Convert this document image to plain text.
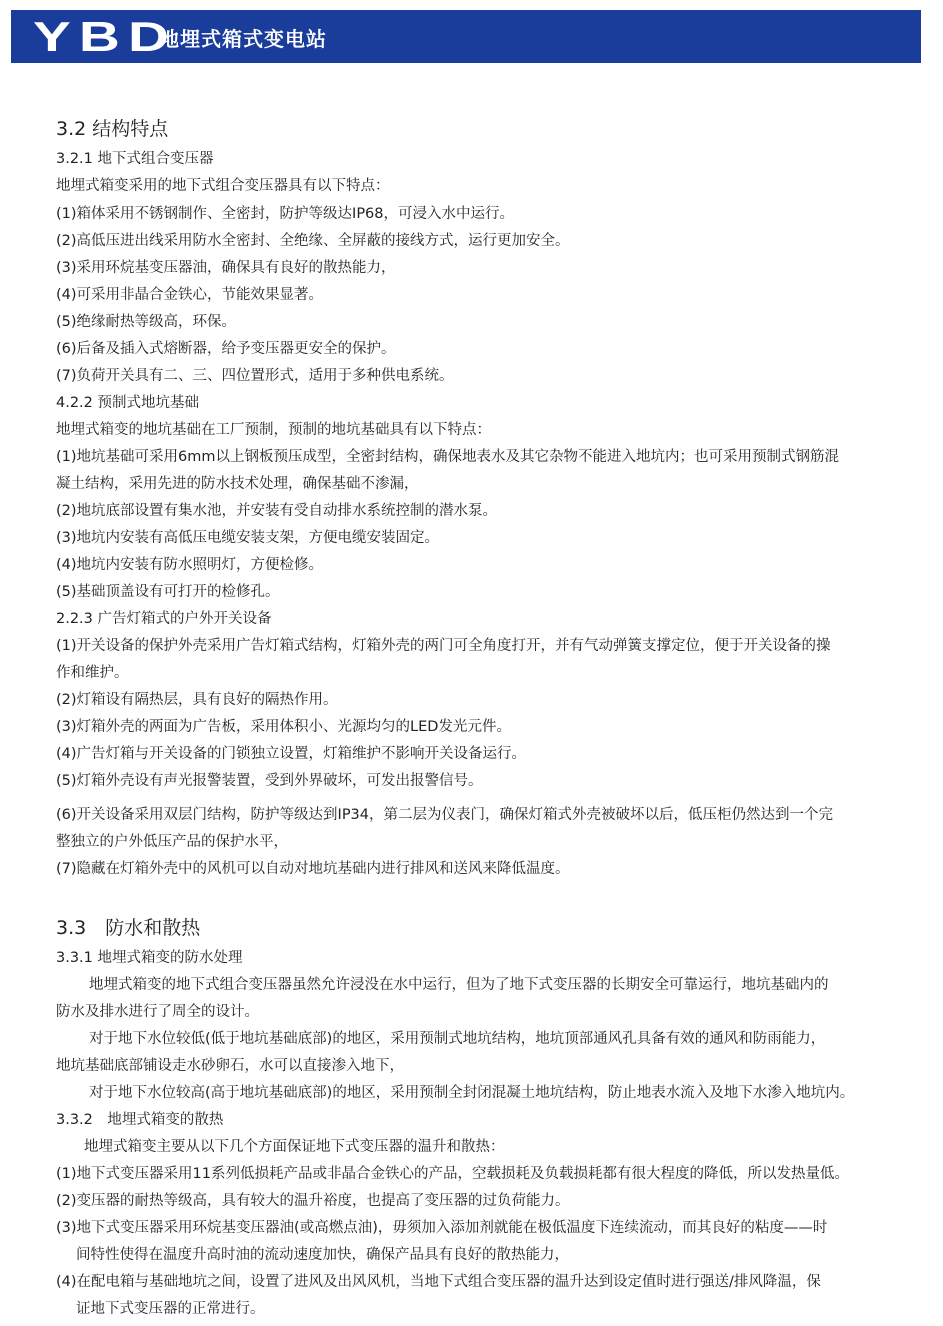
YBD
地埋式箱式变电站
3.2 结构特点
3.2.1 地下式组合变压器
地埋式箱变采用的地下式组合变压器具有以下特点：
(1)箱体采用不锈钢制作、全密封，防护等级达IP68，可浸入水中运行。
(2)高低压进出线采用防水全密封、全绝缘、全屏蔽的接线方式，运行更加安全。
(3)采用环烷基变压器油，确保具有良好的散热能力，
(4)可采用非晶合金铁心，节能效果显著。
(5)绝缘耐热等级高，环保。
(6)后备及插入式熔断器，给予变压器更安全的保护。
(7)负荷开关具有二、三、四位置形式，适用于多种供电系统。
4.2.2 预制式地坑基础
地埋式箱变的地坑基础在工厂预制，预制的地坑基础具有以下特点：
(1)地坑基础可采用6mm以上钢板预压成型，全密封结构，确保地表水及其它杂物不能进入地坑内；也可采用预制式钢筋混
凝土结构，采用先进的防水技术处理，确保基础不渗漏，
(2)地坑底部设置有集水池，并安装有受自动排水系统控制的潜水泵。
(3)地坑内安装有高低压电缆安装支架，方便电缆安装固定。
(4)地坑内安装有防水照明灯，方便检修。
(5)基础顶盖设有可打开的检修孔。
2.2.3 广告灯箱式的户外开关设备
(1)开关设备的保护外壳采用广告灯箱式结构，灯箱外壳的两门可全角度打开，并有气动弹簧支撑定位，便于开关设备的操
作和维护。
(2)灯箱设有隔热层，具有良好的隔热作用。
(3)灯箱外壳的两面为广告板，采用体积小、光源均匀的LED发光元件。
(4)广告灯箱与开关设备的门锁独立设置，灯箱维护不影响开关设备运行。
(5)灯箱外壳设有声光报警装置，受到外界破坏，可发出报警信号。
(6)开关设备采用双层门结构，防护等级达到IP34，第二层为仪表门，确保灯箱式外壳被破坏以后，低压柜仍然达到一个完
整独立的户外低压产品的保护水平，
(7)隐藏在灯箱外壳中的风机可以自动对地坑基础内进行排风和送风来降低温度。
3.3　防水和散热
3.3.1 地埋式箱变的防水处理
地埋式箱变的地下式组合变压器虽然允许浸没在水中运行，但为了地下式变压器的长期安全可靠运行，地坑基础内的
防水及排水进行了周全的设计。
对于地下水位较低(低于地坑基础底部)的地区，采用预制式地坑结构，地坑顶部通风孔具备有效的通风和防雨能力，
地坑基础底部铺设走水砂卵石，水可以直接渗入地下，
对于地下水位较高(高于地坑基础底部)的地区，采用预制全封闭混凝土地坑结构，防止地表水流入及地下水渗入地坑内。
3.3.2　地埋式箱变的散热
地埋式箱变主要从以下几个方面保证地下式变压器的温升和散热：
(1)地下式变压器采用11系列低损耗产品或非晶合金铁心的产品，空载损耗及负载损耗都有很大程度的降低，所以发热量低。
(2)变压器的耐热等级高，具有较大的温升裕度，也提高了变压器的过负荷能力。
(3)地下式变压器采用环烷基变压器油(或高燃点油)，毋须加入添加剂就能在极低温度下连续流动，而其良好的粘度——时
间特性使得在温度升高时油的流动速度加快，确保产品具有良好的散热能力，
(4)在配电箱与基础地坑之间，设置了进风及出风风机，当地下式组合变压器的温升达到设定值时进行强送/排风降温，保
证地下式变压器的正常进行。
